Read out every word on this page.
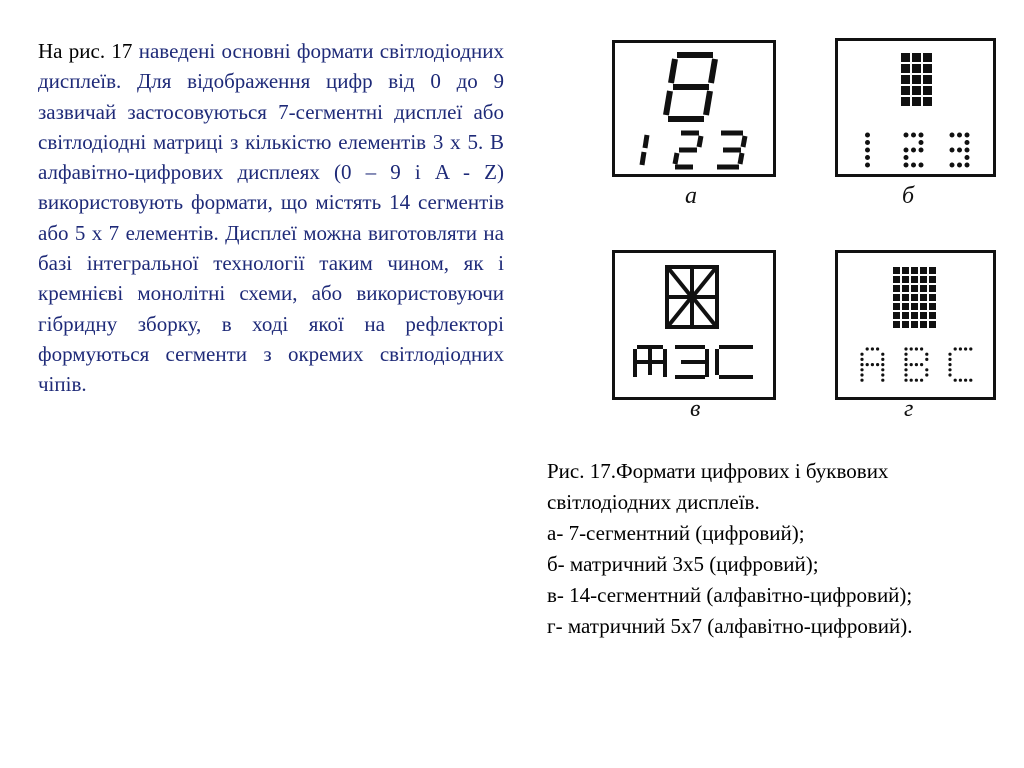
На рис. 17 наведені основні формати світлодіодних дисплеїв. Для відображення цифр від 0 до 9 зазвичай застосовуються 7-сегментні дисплеї або світлодіодні матриці з кількістю елементів 3 х 5. В алфавітно-цифрових дисплеях (0 – 9 і A - Z) використовують формати, що містять 14 сегментів або 5 х 7 елементів. Дисплеї можна виготовляти на базі інтегральної технології таким чином, як і кремнієві монолітні схеми, або використовуючи гібридну зборку, в ході якої на рефлекторі формуються сегменти з окремих світлодіодних чіпів.

а	б
в	г
Рис. 17.Формати цифрових і буквових
світлодіодних дисплеїв.
а- 7-сегментний (цифровий);
б- матричний 3х5 (цифровий);
в- 14-сегментний (алфавітно-цифровий);
г- матричний 5х7 (алфавітно-цифровий).
